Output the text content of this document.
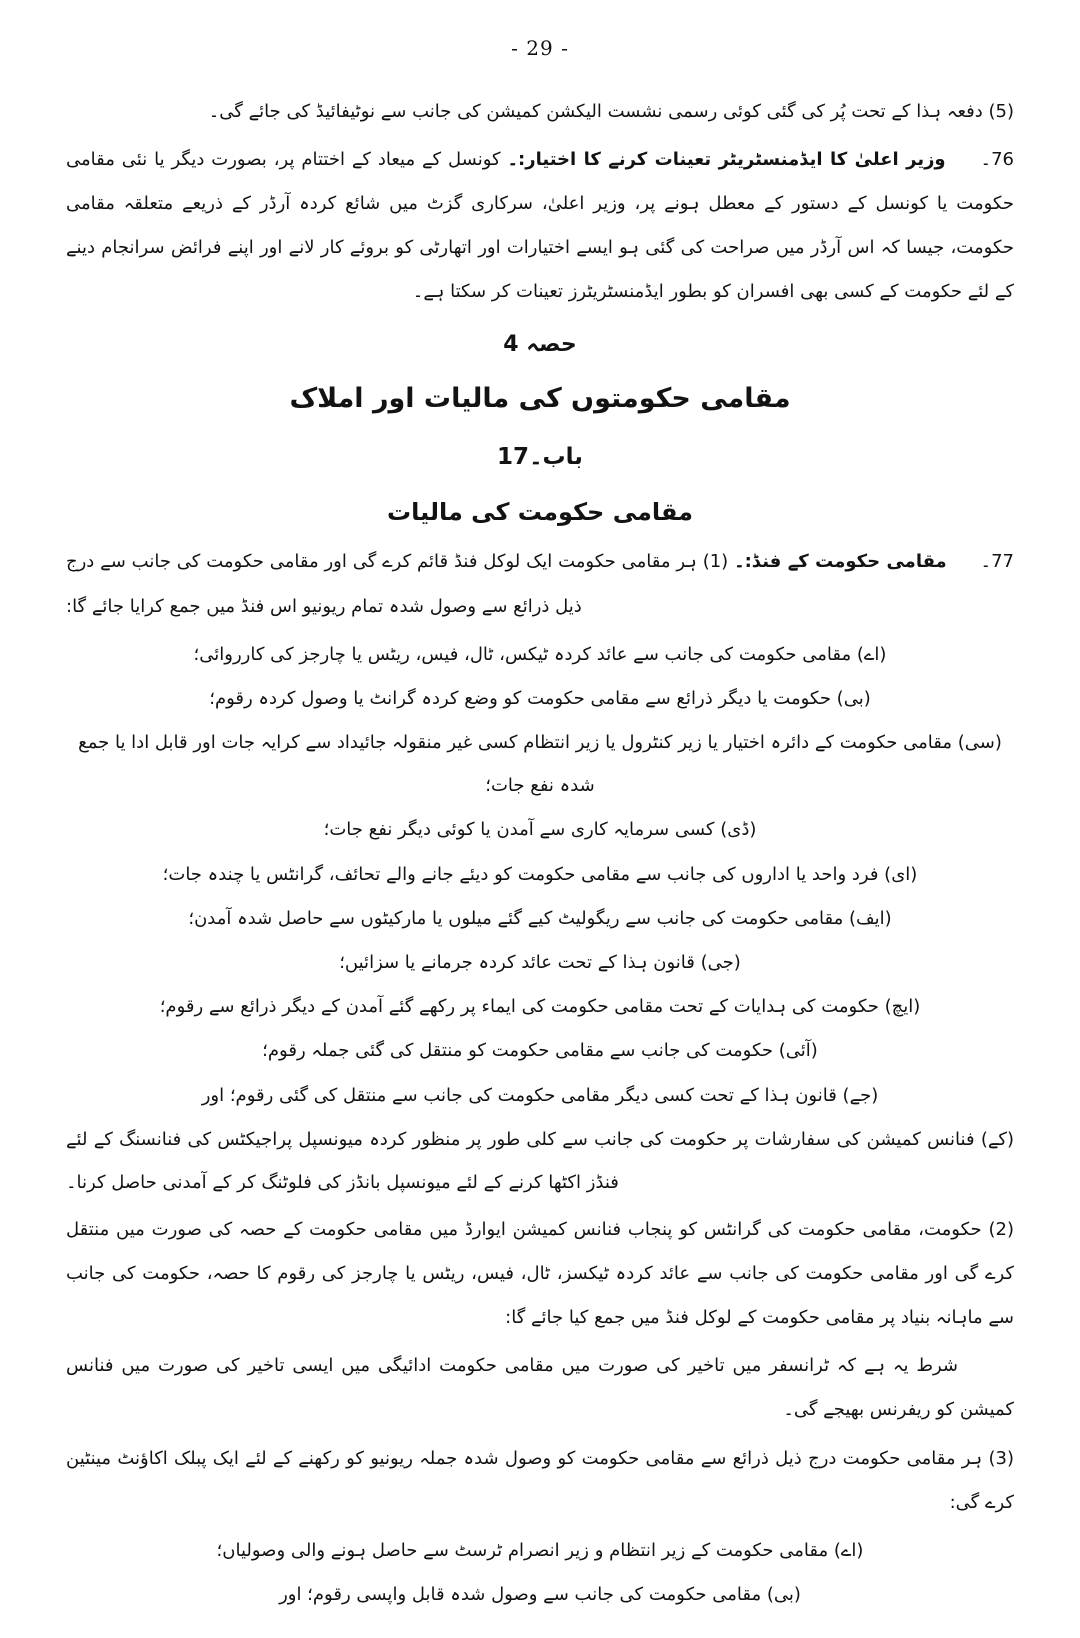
- 29 -

(5) دفعہ ہذا کے تحت پُر کی گئی کوئی رسمی نشست الیکشن کمیشن کی جانب سے نوٹیفائیڈ کی جائے گی۔

76۔ وزیر اعلیٰ کا ایڈمنسٹریٹر تعینات کرنے کا اختیار:۔ کونسل کے میعاد کے اختتام پر، بصورت دیگر یا نئی مقامی حکومت یا کونسل کے دستور کے معطل ہونے پر، وزیر اعلیٰ، سرکاری گزٹ میں شائع کردہ آرڈر کے ذریعے متعلقہ مقامی حکومت، جیسا کہ اس آرڈر میں صراحت کی گئی ہو ایسے اختیارات اور اتھارٹی کو بروئے کار لانے اور اپنے فرائض سرانجام دینے کے لئے حکومت کے کسی بھی افسران کو بطور ایڈمنسٹریٹرز تعینات کر سکتا ہے۔

حصہ 4
مقامی حکومتوں کی مالیات اور املاک
باب۔17
مقامی حکومت کی مالیات

77۔ مقامی حکومت کے فنڈ:۔ (1) ہر مقامی حکومت ایک لوکل فنڈ قائم کرے گی اور مقامی حکومت کی جانب سے درج ذیل ذرائع سے وصول شدہ تمام ریونیو اس فنڈ میں جمع کرایا جائے گا:

(اے) مقامی حکومت کی جانب سے عائد کردہ ٹیکس، ٹال، فیس، ریٹس یا چارجز کی کارروائی؛
(بی) حکومت یا دیگر ذرائع سے مقامی حکومت کو وضع کردہ گرانٹ یا وصول کردہ رقوم؛
(سی) مقامی حکومت کے دائرہ اختیار یا زیر کنٹرول یا زیر انتظام کسی غیر منقولہ جائیداد سے کرایہ جات اور قابل ادا یا جمع شدہ نفع جات؛
(ڈی) کسی سرمایہ کاری سے آمدن یا کوئی دیگر نفع جات؛
(ای) فرد واحد یا اداروں کی جانب سے مقامی حکومت کو دیئے جانے والے تحائف، گرانٹس یا چندہ جات؛
(ایف) مقامی حکومت کی جانب سے ریگولیٹ کیے گئے میلوں یا مارکیٹوں سے حاصل شدہ آمدن؛
(جی) قانون ہذا کے تحت عائد کردہ جرمانے یا سزائیں؛
(ایچ) حکومت کی ہدایات کے تحت مقامی حکومت کی ایماء پر رکھے گئے آمدن کے دیگر ذرائع سے رقوم؛
(آئی) حکومت کی جانب سے مقامی حکومت کو منتقل کی گئی جملہ رقوم؛
(جے) قانون ہذا کے تحت کسی دیگر مقامی حکومت کی جانب سے منتقل کی گئی رقوم؛ اور
(کے) فنانس کمیشن کی سفارشات پر حکومت کی جانب سے کلی طور پر منظور کردہ میونسپل پراجیکٹس کی فنانسنگ کے لئے فنڈز اکٹھا کرنے کے لئے میونسپل بانڈز کی فلوٹنگ کر کے آمدنی حاصل کرنا۔

(2) حکومت، مقامی حکومت کی گرانٹس کو پنجاب فنانس کمیشن ایوارڈ میں مقامی حکومت کے حصہ کی صورت میں منتقل کرے گی اور مقامی حکومت کی جانب سے عائد کردہ ٹیکسز، ٹال، فیس، ریٹس یا چارجز کی رقوم کا حصہ، حکومت کی جانب سے ماہانہ بنیاد پر مقامی حکومت کے لوکل فنڈ میں جمع کیا جائے گا:

شرط یہ ہے کہ ٹرانسفر میں تاخیر کی صورت میں مقامی حکومت ادائیگی میں ایسی تاخیر کی صورت میں فنانس کمیشن کو ریفرنس بھیجے گی۔

(3) ہر مقامی حکومت درج ذیل ذرائع سے مقامی حکومت کو وصول شدہ جملہ ریونیو کو رکھنے کے لئے ایک پبلک اکاؤنٹ مینٹین کرے گی:

(اے) مقامی حکومت کے زیر انتظام و زیر انصرام ٹرسٹ سے حاصل ہونے والی وصولیاں؛
(بی) مقامی حکومت کی جانب سے وصول شدہ قابل واپسی رقوم؛ اور
